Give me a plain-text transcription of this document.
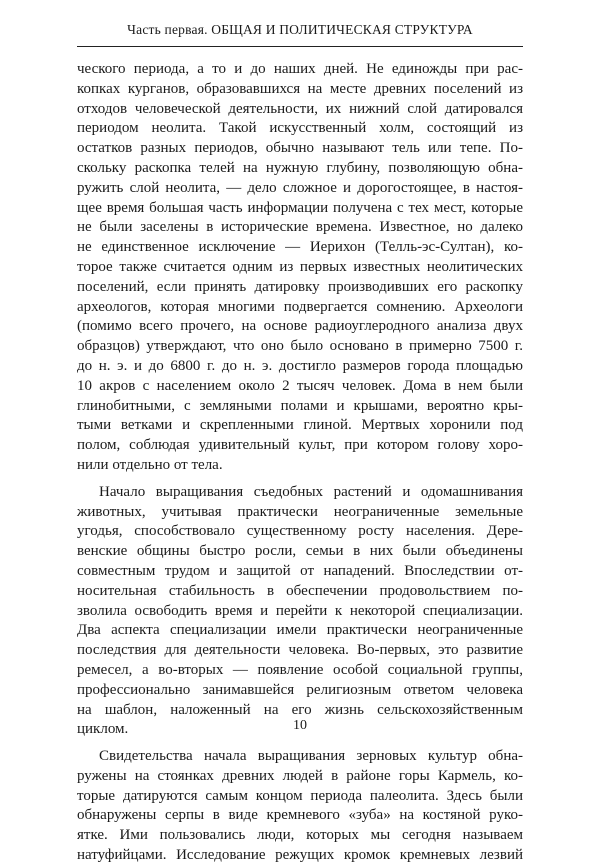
Часть первая. ОБЩАЯ И ПОЛИТИЧЕСКАЯ СТРУКТУРА

ческого периода, а то и до наших дней. Не единожды при рас-
копках курганов, образовавшихся на месте древних поселений из
отходов человеческой деятельности, их нижний слой датировался
периодом неолита. Такой искусственный холм, состоящий из
остатков разных периодов, обычно называют тель или тепе. По-
скольку раскопка телей на нужную глубину, позволяющую обна-
ружить слой неолита, — дело сложное и дорогостоящее, в настоя-
щее время большая часть информации получена с тех мест, которые
не были заселены в исторические времена. Известное, но далеко
не единственное исключение — Иерихон (Телль-эс-Султан), ко-
торое также считается одним из первых известных неолитических
поселений, если принять датировку производивших его раскопку
археологов, которая многими подвергается сомнению. Археологи
(помимо всего прочего, на основе радиоуглеродного анализа двух
образцов) утверждают, что оно было основано в примерно 7500 г.
до н. э. и до 6800 г. до н. э. достигло размеров города площадью
10 акров с населением около 2 тысяч человек. Дома в нем были
глинобитными, с земляными полами и крышами, вероятно кры-
тыми ветками и скрепленными глиной. Мертвых хоронили под
полом, соблюдая удивительный культ, при котором голову хоро-
нили отдельно от тела.

Начало выращивания съедобных растений и одомашнивания
животных, учитывая практически неограниченные земельные
угодья, способствовало существенному росту населения. Дере-
венские общины быстро росли, семьи в них были объединены
совместным трудом и защитой от нападений. Впоследствии от-
носительная стабильность в обеспечении продовольствием по-
зволила освободить время и перейти к некоторой специализации.
Два аспекта специализации имели практически неограниченные
последствия для деятельности человека. Во-первых, это развитие
ремесел, а во-вторых — появление особой социальной группы,
профессионально занимавшейся религиозным ответом человека
на шаблон, наложенный на его жизнь сельскохозяйственным
циклом.

Свидетельства начала выращивания зерновых культур обна-
ружены на стоянках древних людей в районе горы Кармель, ко-
торые датируются самым концом периода палеолита. Здесь были
обнаружены серпы в виде кремневого «зуба» на костяной руко-
ятке. Ими пользовались люди, которых мы сегодня называем
натуфийцами. Исследование режущих кромок кремневых лезвий

10
